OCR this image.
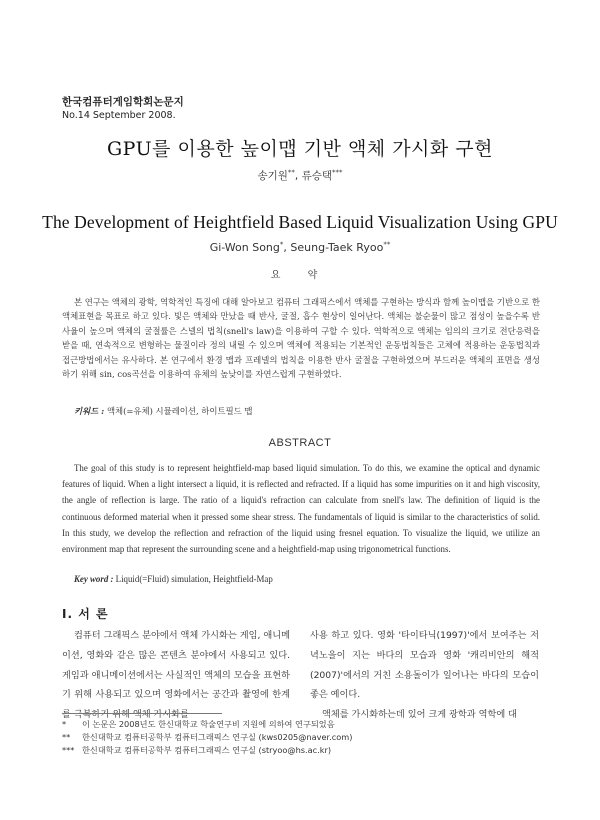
한국컴퓨터게임학회논문지
No.14 September 2008.
GPU를 이용한 높이맵 기반 액체 가시화 구현
송기원**, 류승택***
The Development of Heightfield Based Liquid Visualization Using GPU
Gi-Won Song*, Seung-Taek Ryoo**
요 약

본 연구는 액체의 광학, 역학적인 특징에 대해 알아보고 컴퓨터 그래픽스에서 액체를 구현하는 방식과 함께 높이맵을 기반으로 한 액체표현을 목표로 하고 있다. 빛은 액체와 만났을 때 반사, 굴절, 흡수 현상이 일어난다. 액체는 불순물이 많고 점성이 높을수록 반사율이 높으며 액체의 굴절률은 스넬의 법칙(snell's law)을 이용하여 구할 수 있다. 역학적으로 액체는 임의의 크기로 전단응력을 받을 때, 연속적으로 변형하는 물질이라 정의 내릴 수 있으며 액체에 적용되는 기본적인 운동법칙들은 고체에 적용하는 운동법칙과 접근방법에서는 유사하다. 본 연구에서 환경 맵과 프레넬의 법칙을 이용한 반사 굴절을 구현하였으며 부드러운 액체의 표면을 생성하기 위해 sin, cos곡선을 이용하여 유체의 높낮이를 자연스럽게 구현하였다.

키워드 : 액체(=유체) 시뮬레이션, 하이트필드 맵
ABSTRACT

The goal of this study is to represent heightfield-map based liquid simulation. To do this, we examine the optical and dynamic features of liquid. When a light intersect a liquid, it is reflected and refracted. If a liquid has some impurities on it and high viscosity, the angle of reflection is large. The ratio of a liquid's refraction can calculate from snell's law. The definition of liquid is the continuous deformed material when it pressed some shear stress. The fundamentals of liquid is similar to the characteristics of solid. In this study, we develop the reflection and refraction of the liquid using fresnel equation. To visualize the liquid, we utilize an environment map that represent the surrounding scene and a heightfield-map using trigonometrical functions.

Key word : Liquid(=Fluid) simulation, Heightfield-Map
Ⅰ. 서 론

컴퓨터 그래픽스 분야에서 액체 가시화는 게임, 애니메이션, 영화와 같은 많은 콘텐츠 분야에서 사용되고 있다. 게임과 애니메이션에서는 사실적인 액체의 모습을 표현하기 위해 사용되고 있으며 영화에서는 공간과 촬영에 한계를 극복하기 위해 액체 가시화를

사용 하고 있다. 영화 '타이타닉(1997)'에서 보여주는 저녁노을이 지는 바다의 모습과 영화 '캐리비안의 해적(2007)'에서의 거친 소용돌이가 일어나는 바다의 모습이 좋은 예이다.

액체를 가시화하는데 있어 크게 광학과 역학에 대

* 이 논문은 2008년도 한신대학교 학술연구비 지원에 의하여 연구되었음
** 한신대학교 컴퓨터공학부 컴퓨터그래픽스 연구실 (kws0205@naver.com)
*** 한신대학교 컴퓨터공학부 컴퓨터그래픽스 연구실 (stryoo@hs.ac.kr)
